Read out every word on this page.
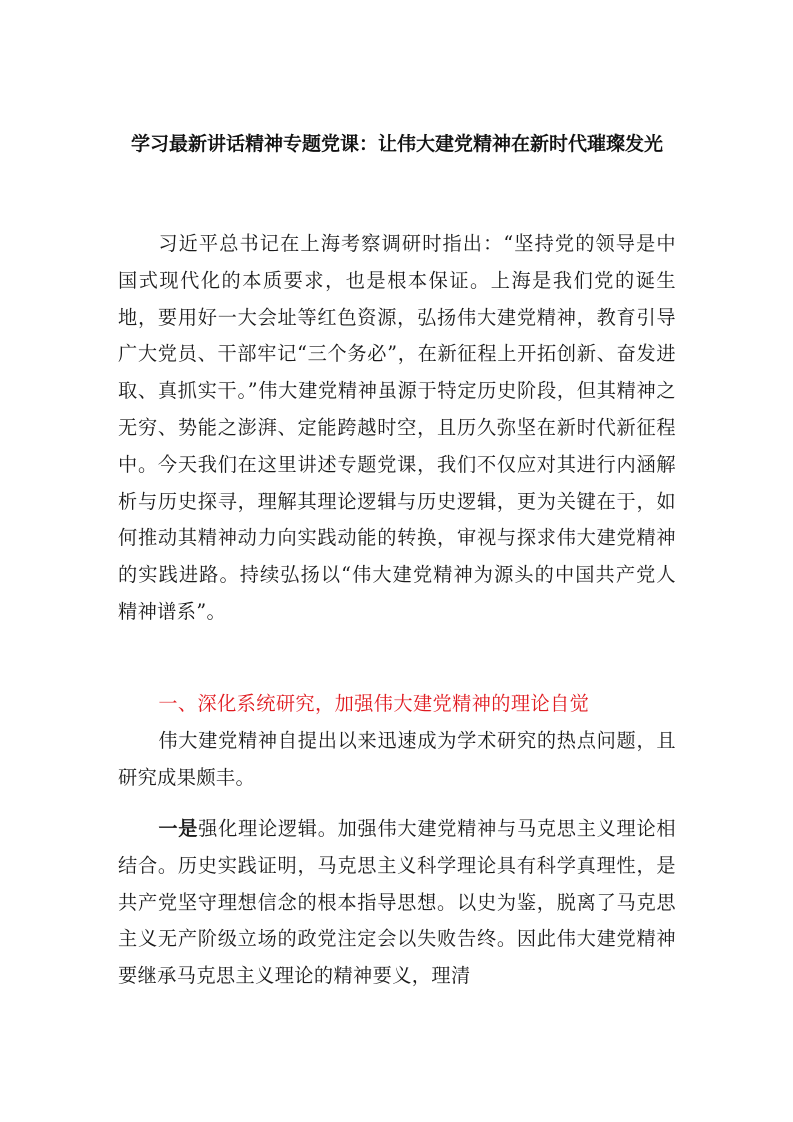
学习最新讲话精神专题党课：让伟大建党精神在新时代璀璨发光
习近平总书记在上海考察调研时指出：“坚持党的领导是中国式现代化的本质要求，也是根本保证。上海是我们党的诞生地，要用好一大会址等红色资源，弘扬伟大建党精神，教育引导广大党员、干部牢记“三个务必”，在新征程上开拓创新、奋发进取、真抓实干。”伟大建党精神虽源于特定历史阶段，但其精神之无穷、势能之澎湃、定能跨越时空，且历久弥坚在新时代新征程中。今天我们在这里讲述专题党课，我们不仅应对其进行内涵解析与历史探寻，理解其理论逻辑与历史逻辑，更为关键在于，如何推动其精神动力向实践动能的转换，审视与探求伟大建党精神的实践进路。持续弘扬以“伟大建党精神为源头的中国共产党人精神谱系”。
一、深化系统研究，加强伟大建党精神的理论自觉
伟大建党精神自提出以来迅速成为学术研究的热点问题，且研究成果颇丰。
一是强化理论逻辑。加强伟大建党精神与马克思主义理论相结合。历史实践证明，马克思主义科学理论具有科学真理性，是共产党坚守理想信念的根本指导思想。以史为鉴，脱离了马克思主义无产阶级立场的政党注定会以失败告终。因此伟大建党精神要继承马克思主义理论的精神要义，理清
